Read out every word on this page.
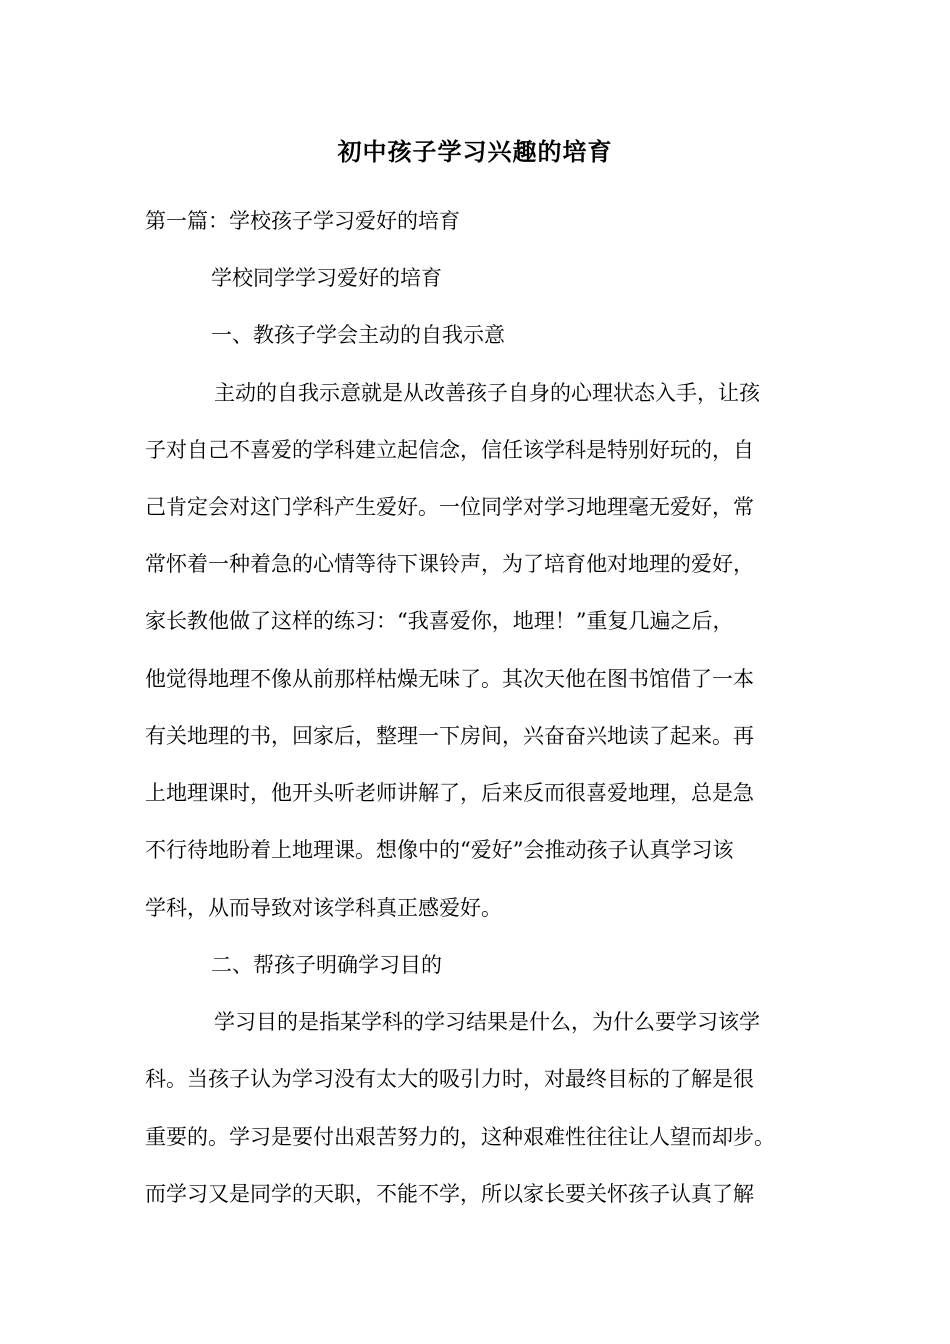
初中孩子学习兴趣的培育
第一篇：学校孩子学习爱好的培育
学校同学学习爱好的培育
一、教孩子学会主动的自我示意
主动的自我示意就是从改善孩子自身的心理状态入手，让孩
子对自己不喜爱的学科建立起信念，信任该学科是特别好玩的，自
己肯定会对这门学科产生爱好。一位同学对学习地理毫无爱好，常
常怀着一种着急的心情等待下课铃声，为了培育他对地理的爱好，
家长教他做了这样的练习：“我喜爱你，地理！”重复几遍之后，
他觉得地理不像从前那样枯燥无味了。其次天他在图书馆借了一本
有关地理的书，回家后，整理一下房间，兴奋奋兴地读了起来。再
上地理课时，他开头听老师讲解了，后来反而很喜爱地理，总是急
不行待地盼着上地理课。想像中的“爱好”会推动孩子认真学习该
学科，从而导致对该学科真正感爱好。
二、帮孩子明确学习目的
学习目的是指某学科的学习结果是什么，为什么要学习该学
科。当孩子认为学习没有太大的吸引力时，对最终目标的了解是很
重要的。学习是要付出艰苦努力的，这种艰难性往往让人望而却步。
而学习又是同学的天职，不能不学，所以家长要关怀孩子认真了解
